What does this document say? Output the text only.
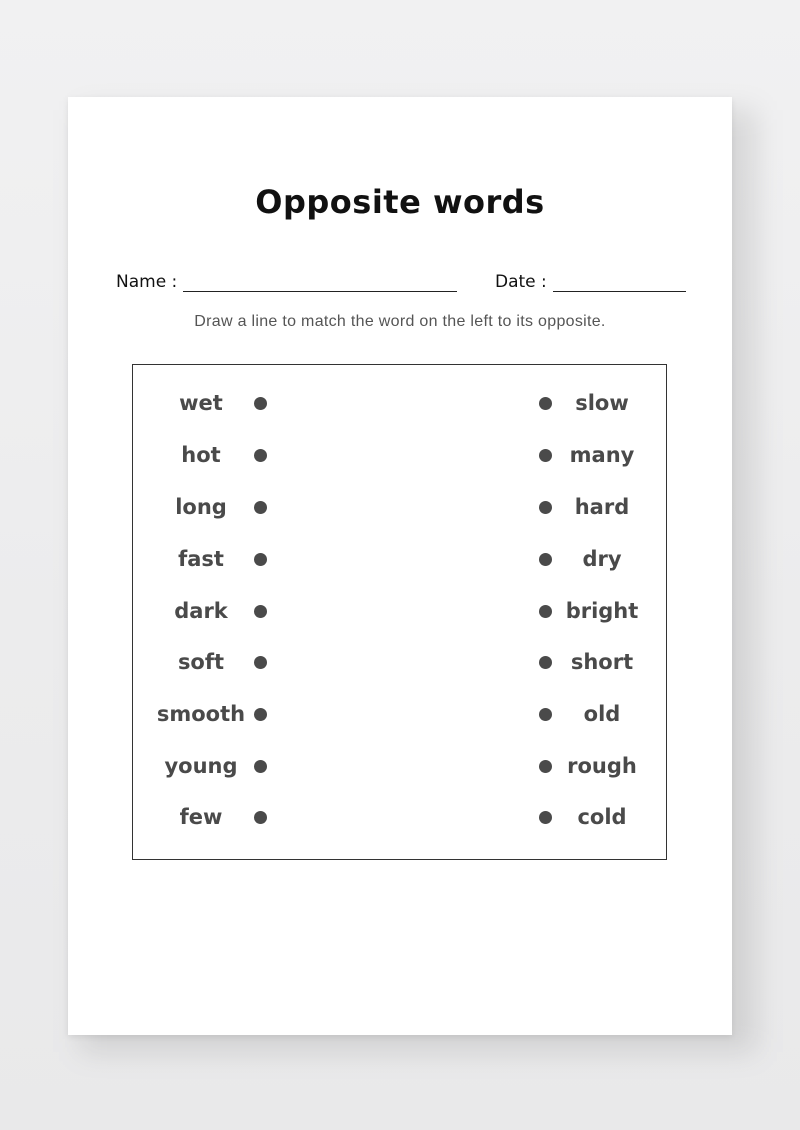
Opposite words
Name :	Date :
Draw a line to match the word on the left to its opposite.
wet	slow
hot	many
long	hard
fast	dry
dark	bright
soft	short
smooth	old
young	rough
few	cold
